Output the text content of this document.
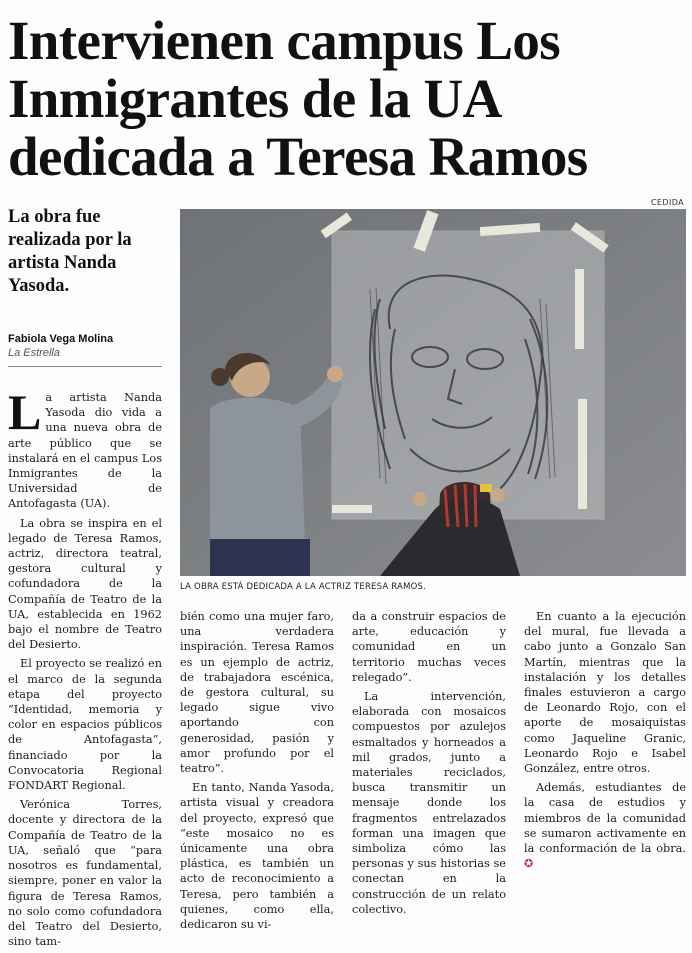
Intervienen campus Los
Inmigrantes de la UA
dedicada a Teresa Ramos
CEDIDA
La obra fue realizada por la artista Nanda Yasoda.
Fabiola Vega Molina
La Estrella
LA OBRA ESTÁ DEDICADA A LA ACTRIZ TERESA RAMOS.

La artista Nanda Yasoda dio vida a una nueva obra de arte público que se instalará en el campus Los Inmigrantes de la Universidad de Antofagasta (UA).

La obra se inspira en el legado de Teresa Ramos, actriz, directora teatral, gestora cultural y cofundadora de la Compañía de Teatro de la UA, establecida en 1962 bajo el nombre de Teatro del Desierto.

El proyecto se realizó en el marco de la segunda etapa del proyecto “Identidad, memoria y color en espacios públicos de Antofagasta”, financiado por la Convocatoria Regional FONDART Regional.

Verónica Torres, docente y directora de la Compañía de Teatro de la UA, señaló que “para nosotros es fundamental, siempre, poner en valor la figura de Teresa Ramos, no solo como cofundadora del Teatro del Desierto, sino tam-

bién como una mujer faro, una verdadera inspiración. Teresa Ramos es un ejemplo de actriz, de trabajadora escénica, de gestora cultural, su legado sigue vivo aportando con generosidad, pasión y amor profundo por el teatro”.

En tanto, Nanda Yasoda, artista visual y creadora del proyecto, expresó que “este mosaico no es únicamente una obra plástica, es también un acto de reconocimiento a Teresa, pero también a quienes, como ella, dedicaron su vi-

da a construir espacios de arte, educación y comunidad en un territorio muchas veces relegado”.

La intervención, elaborada con mosaicos compuestos por azulejos esmaltados y horneados a mil grados, junto a materiales reciclados, busca transmitir un mensaje donde los fragmentos entrelazados forman una imagen que simboliza cómo las personas y sus historias se conectan en la construcción de un relato colectivo.

En cuanto a la ejecución del mural, fue llevada a cabo junto a Gonzalo San Martín, mientras que la instalación y los detalles finales estuvieron a cargo de Leonardo Rojo, con el aporte de mosaiquistas como Jaqueline Granic, Leonardo Rojo e Isabel González, entre otros.

Además, estudiantes de la casa de estudios y miembros de la comunidad se sumaron activamente en la conformación de la obra. ✪
